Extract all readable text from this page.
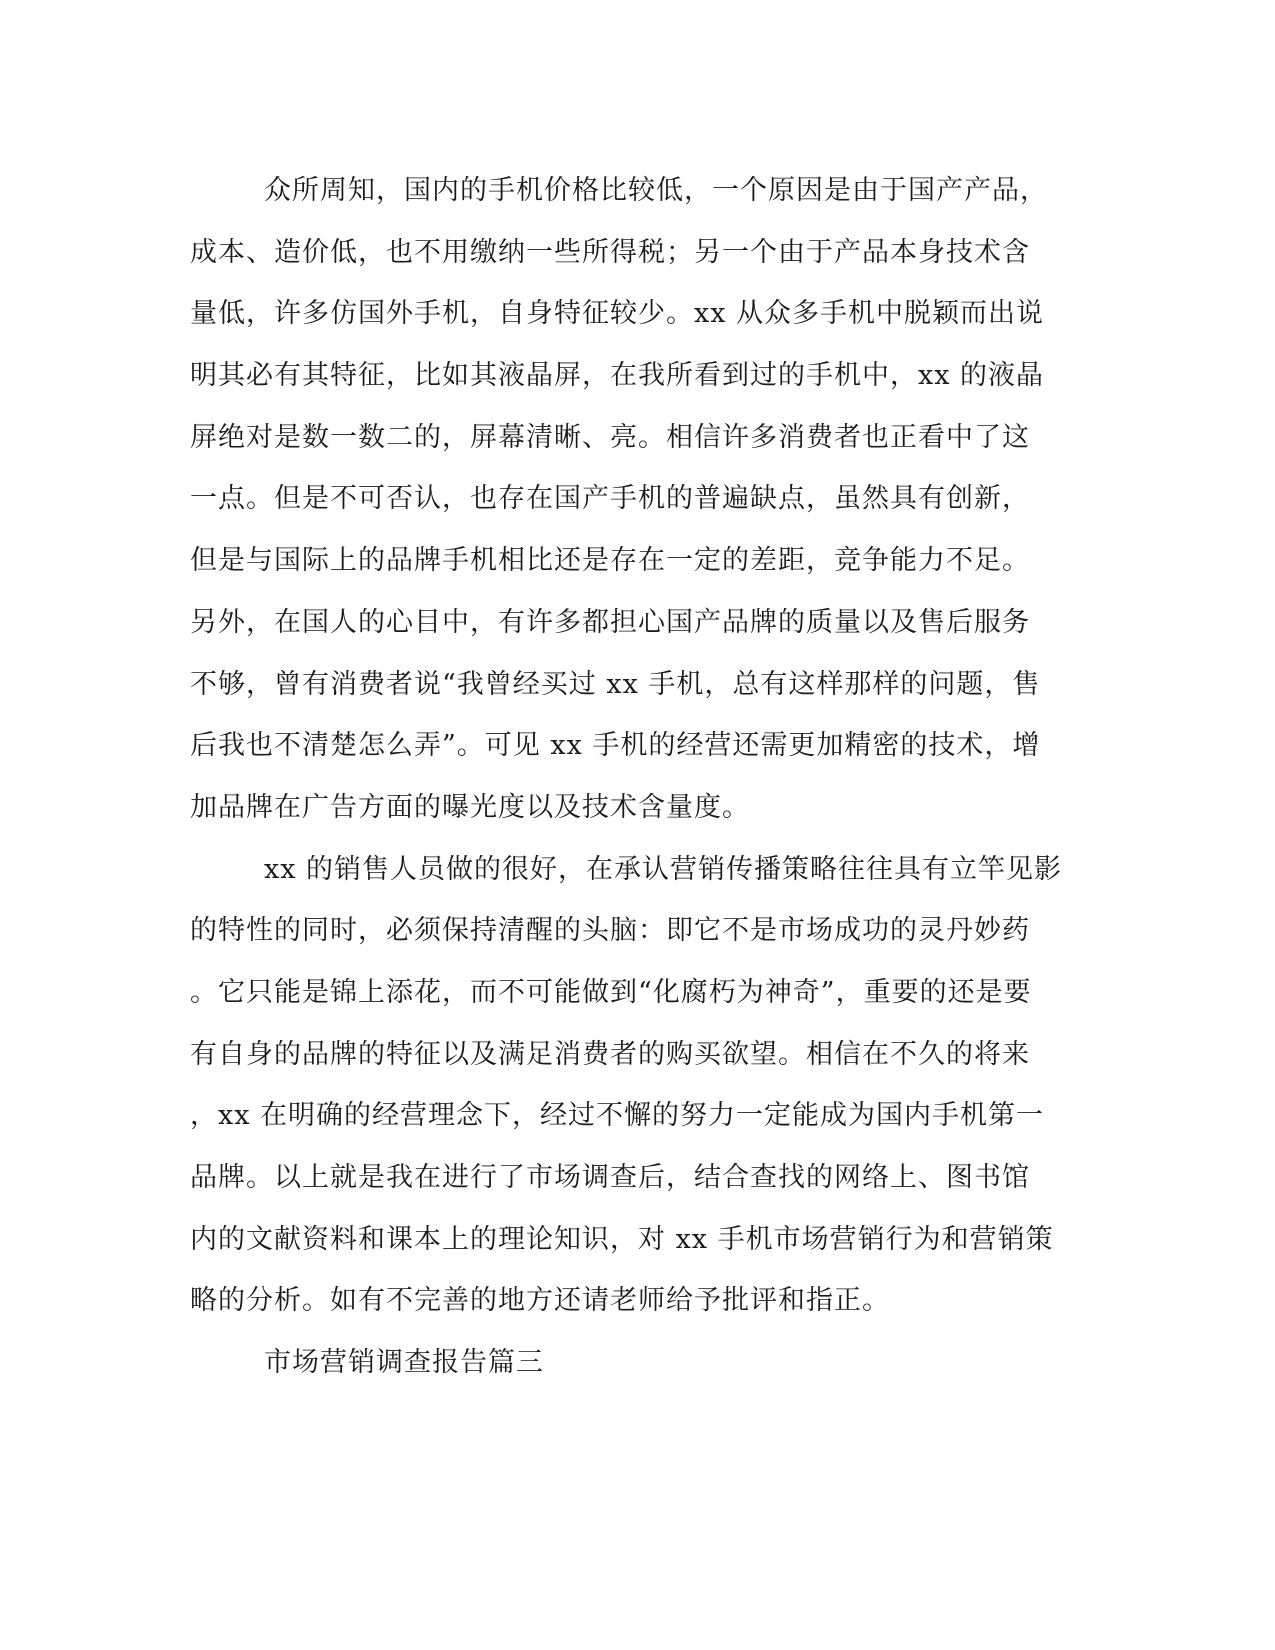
众所周知，国内的手机价格比较低，一个原因是由于国产产品，
成本、造价低，也不用缴纳一些所得税；另一个由于产品本身技术含
量低，许多仿国外手机，自身特征较少。xx 从众多手机中脱颖而出说
明其必有其特征，比如其液晶屏，在我所看到过的手机中，xx 的液晶
屏绝对是数一数二的，屏幕清晰、亮。相信许多消费者也正看中了这
一点。但是不可否认，也存在国产手机的普遍缺点，虽然具有创新，
但是与国际上的品牌手机相比还是存在一定的差距，竞争能力不足。
另外，在国人的心目中，有许多都担心国产品牌的质量以及售后服务
不够，曾有消费者说“我曾经买过 xx 手机，总有这样那样的问题，售
后我也不清楚怎么弄”。可见 xx 手机的经营还需更加精密的技术，增
加品牌在广告方面的曝光度以及技术含量度。
xx 的销售人员做的很好，在承认营销传播策略往往具有立竿见影
的特性的同时，必须保持清醒的头脑：即它不是市场成功的灵丹妙药
。它只能是锦上添花，而不可能做到“化腐朽为神奇”，重要的还是要
有自身的品牌的特征以及满足消费者的购买欲望。相信在不久的将来
，xx 在明确的经营理念下，经过不懈的努力一定能成为国内手机第一
品牌。以上就是我在进行了市场调查后，结合查找的网络上、图书馆
内的文献资料和课本上的理论知识，对 xx 手机市场营销行为和营销策
略的分析。如有不完善的地方还请老师给予批评和指正。
市场营销调查报告篇三
